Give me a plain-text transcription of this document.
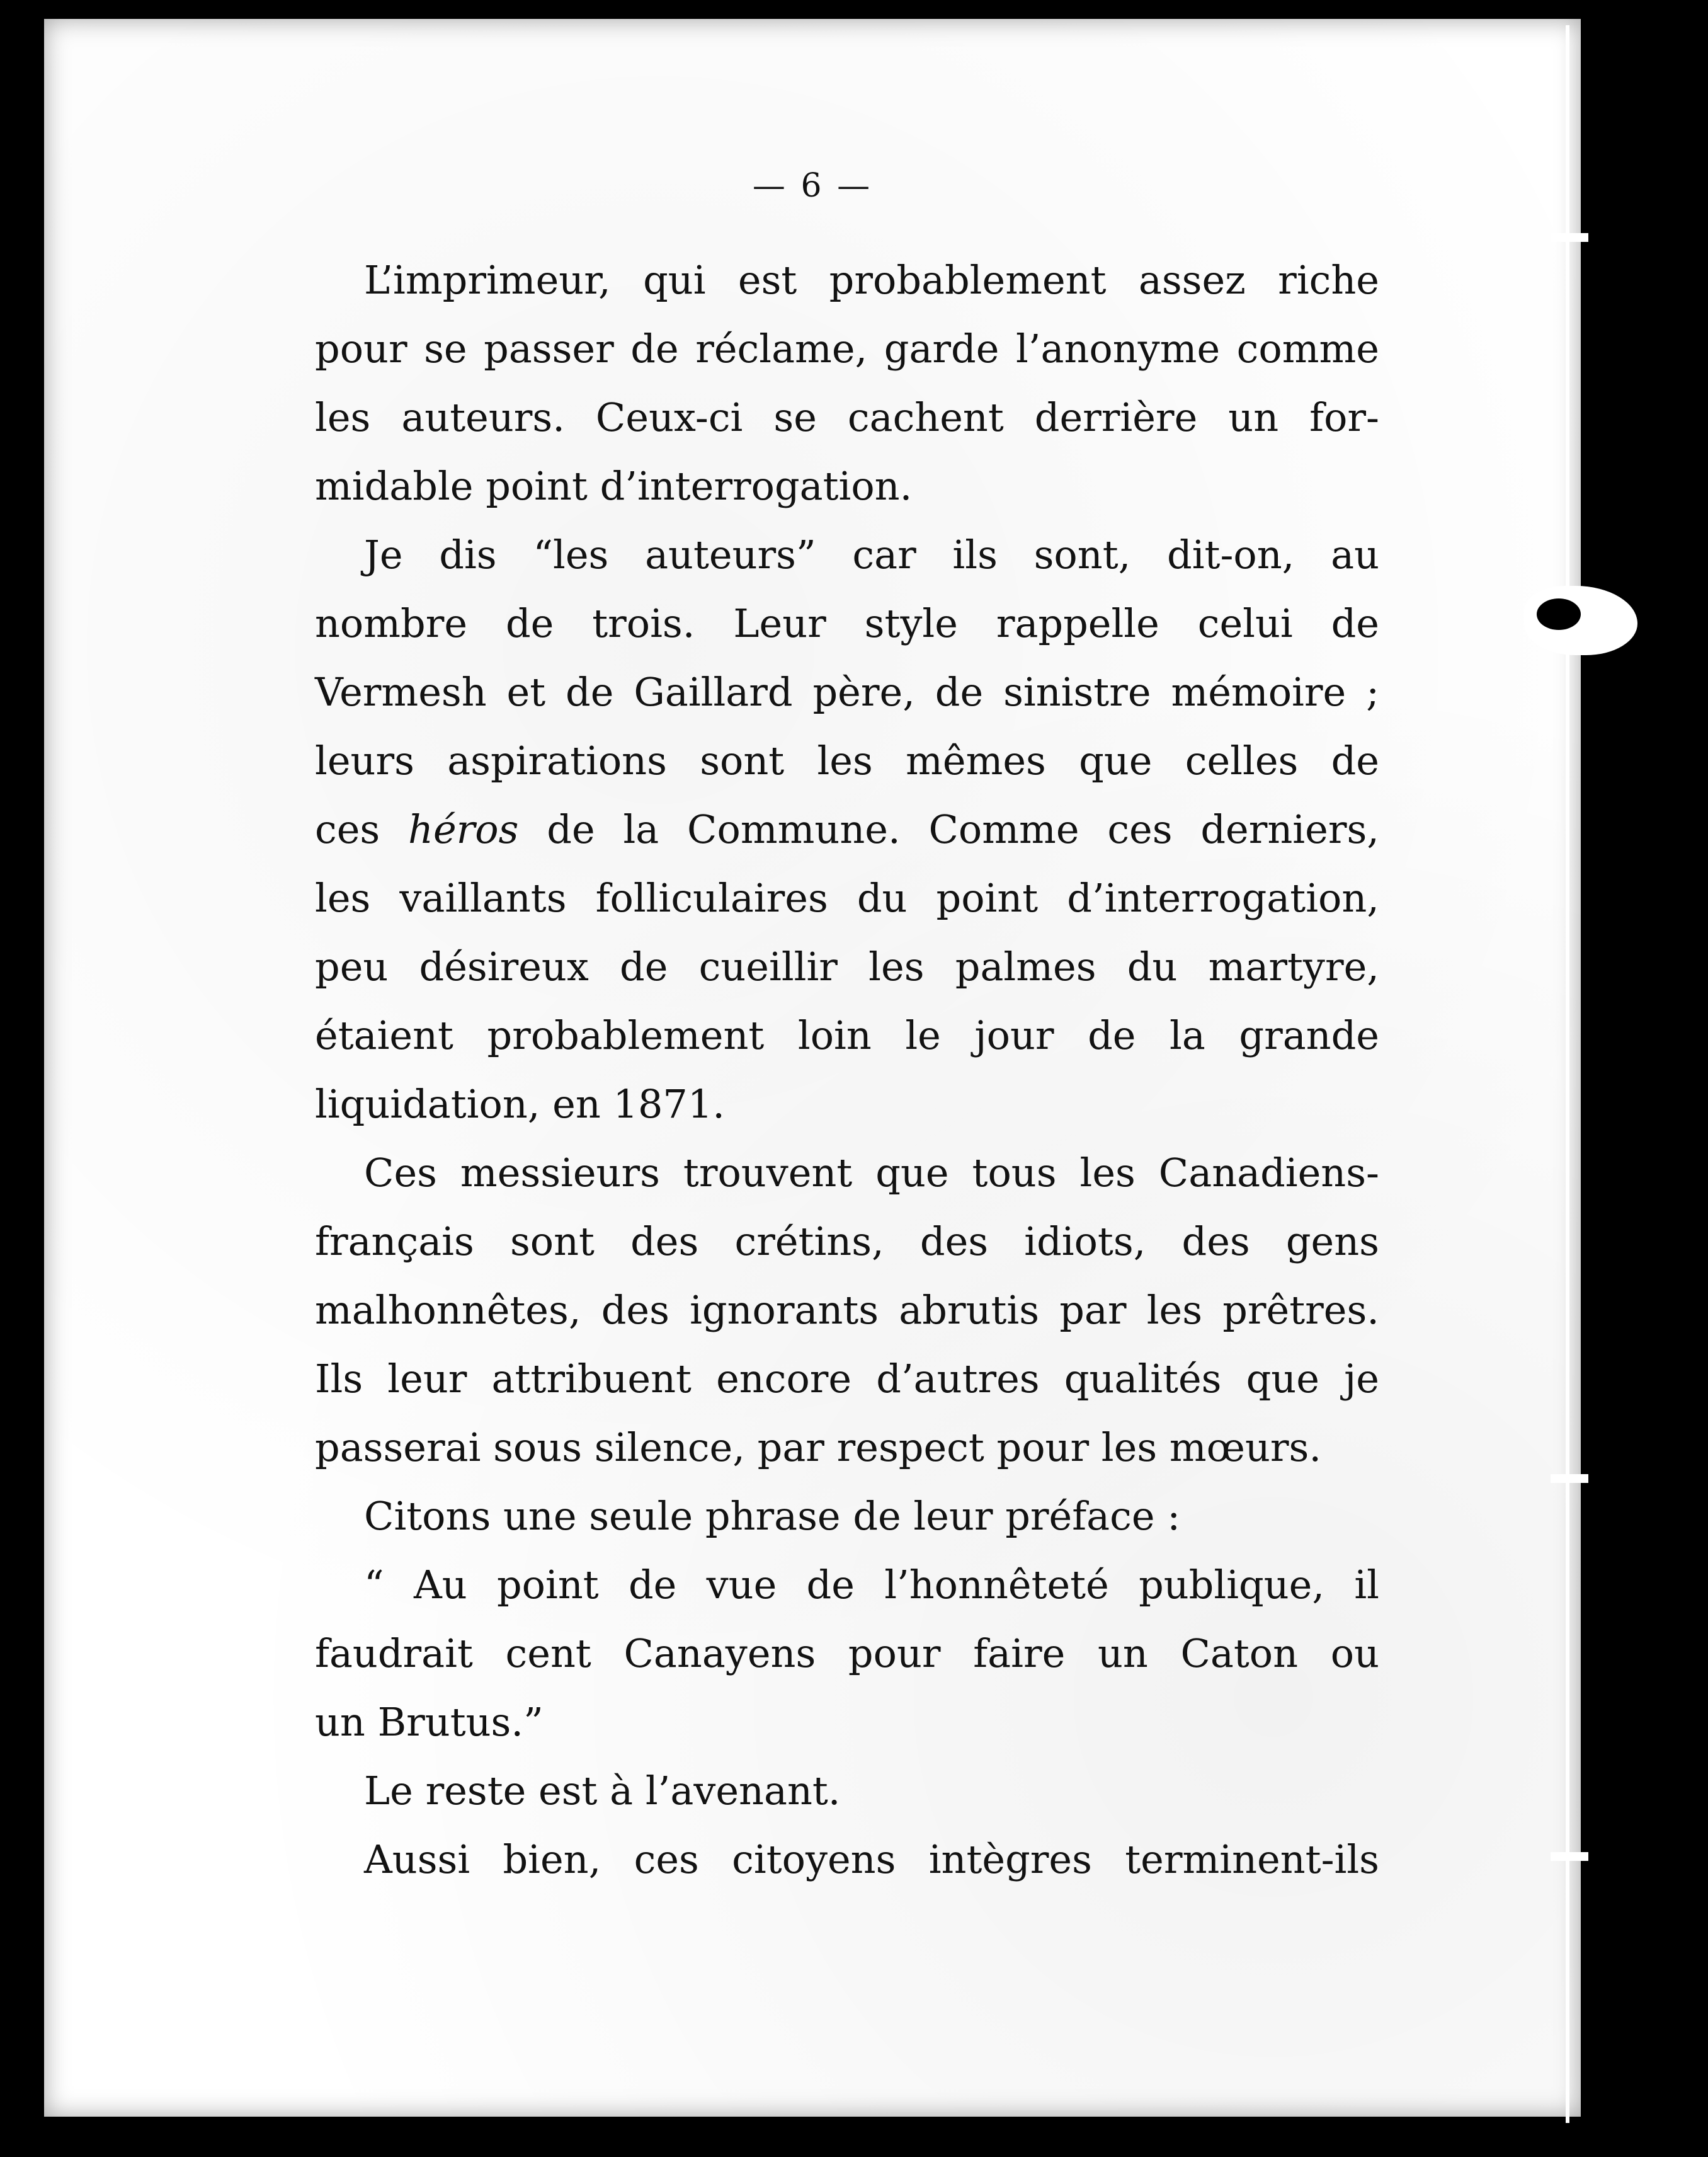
— 6 —
L’imprimeur, qui est probablement assez riche
pour se passer de réclame, garde l’anonyme comme
les auteurs. Ceux-ci se cachent derrière un for-
midable point d’interrogation.
Je dis “les auteurs” car ils sont, dit-on, au
nombre de trois. Leur style rappelle celui de
Vermesh et de Gaillard père, de sinistre mémoire ;
leurs aspirations sont les mêmes que celles de
ces héros de la Commune. Comme ces derniers,
les vaillants folliculaires du point d’interrogation,
peu désireux de cueillir les palmes du martyre,
étaient probablement loin le jour de la grande
liquidation, en 1871.
Ces messieurs trouvent que tous les Canadiens-
français sont des crétins, des idiots, des gens
malhonnêtes, des ignorants abrutis par les prêtres.
Ils leur attribuent encore d’autres qualités que je
passerai sous silence, par respect pour les mœurs.
Citons une seule phrase de leur préface :
“ Au point de vue de l’honnêteté publique, il
faudrait cent Canayens pour faire un Caton ou
un Brutus.”
Le reste est à l’avenant.
Aussi bien, ces citoyens intègres terminent-ils
